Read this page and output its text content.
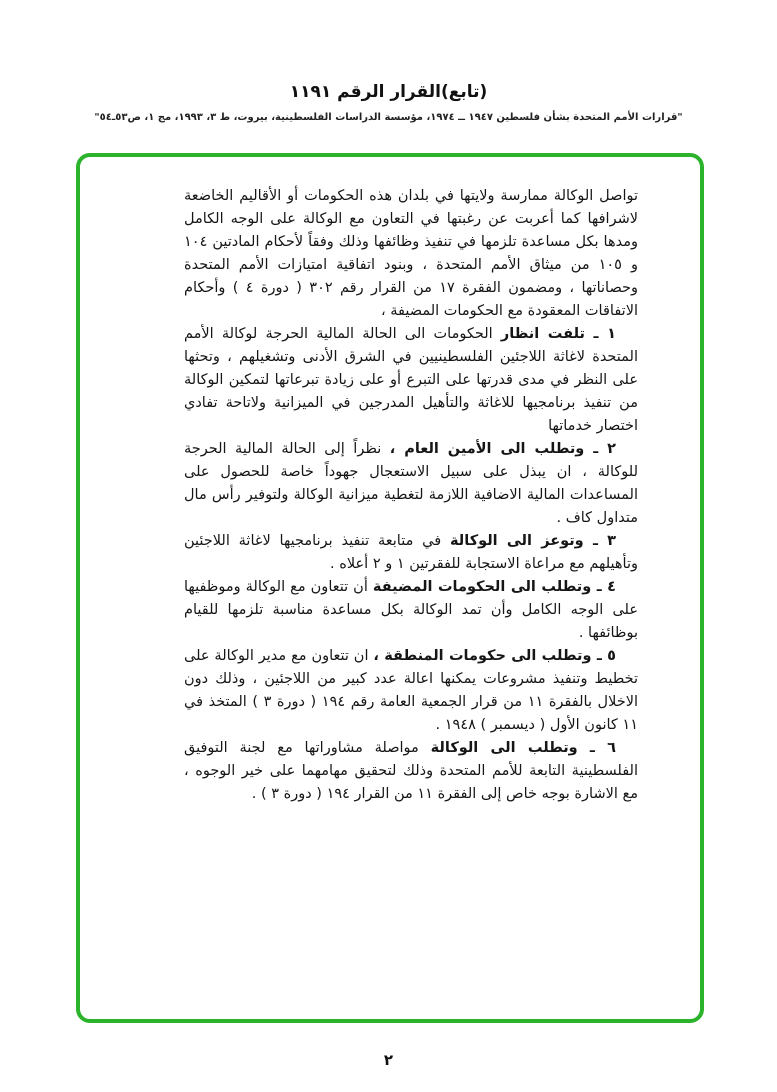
(تابع)القرار الرقم ١١٩١
"قرارات الأمم المتحدة بشأن فلسطين ١٩٤٧ ــ ١٩٧٤، مؤسسة الدراسات الفلسطينية، بيروت، ط ٣، ١٩٩٣، مج ١، ص٥٣ـ٥٤"

تواصل الوكالة ممارسة ولايتها في بلدان هذه الحكومات أو الأقاليم الخاضعة لاشرافها كما أعربت عن رغبتها في التعاون مع الوكالة على الوجه الكامل ومدها بكل مساعدة تلزمها في تنفيذ وظائفها وذلك وفقاً لأحكام المادتين ١٠٤ و ١٠٥ من ميثاق الأمم المتحدة ، وبنود اتفاقية امتيازات الأمم المتحدة وحصاناتها ، ومضمون الفقرة ١٧ من القرار رقم ٣٠٢ ( دورة ٤ ) وأحكام الاتفاقات المعقودة مع الحكومات المضيفة ،

١ ـ تلفت انظار الحكومات الى الحالة المالية الحرجة لوكالة الأمم المتحدة لاغاثة اللاجئين الفلسطينيين في الشرق الأدنى وتشغيلهم ، وتحثها على النظر في مدى قدرتها على التبرع أو على زيادة تبرعاتها لتمكين الوكالة من تنفيذ برنامجيها للاغاثة والتأهيل المدرجين في الميزانية ولاتاحة تفادي اختصار خدماتها

٢ ـ وتطلب الى الأمين العام ، نظراً إلى الحالة المالية الحرجة للوكالة ، ان يبذل على سبيل الاستعجال جهوداً خاصة للحصول على المساعدات المالية الاضافية اللازمة لتغطية ميزانية الوكالة ولتوفير رأس مال متداول كاف .

٣ ـ وتوعز الى الوكالة في متابعة تنفيذ برنامجيها لاغاثة اللاجئين وتأهيلهم مع مراعاة الاستجابة للفقرتين ١ و ٢ أعلاه .

٤ ـ وتطلب الى الحكومات المضيفة أن تتعاون مع الوكالة وموظفيها على الوجه الكامل وأن تمد الوكالة بكل مساعدة مناسبة تلزمها للقيام بوظائفها .

٥ ـ وتطلب الى حكومات المنطقة ، ان تتعاون مع مدير الوكالة على تخطيط وتنفيذ مشروعات يمكنها اعالة عدد كبير من اللاجئين ، وذلك دون الاخلال بالفقرة ١١ من قرار الجمعية العامة رقم ١٩٤ ( دورة ٣ ) المتخذ في ١١ كانون الأول ( ديسمبر ) ١٩٤٨ .

٦ ـ وتطلب الى الوكالة مواصلة مشاوراتها مع لجنة التوفيق الفلسطينية التابعة للأمم المتحدة وذلك لتحقيق مهامهما على خير الوجوه ، مع الاشارة بوجه خاص إلى الفقرة ١١ من القرار ١٩٤ ( دورة ٣ ) .

٢
